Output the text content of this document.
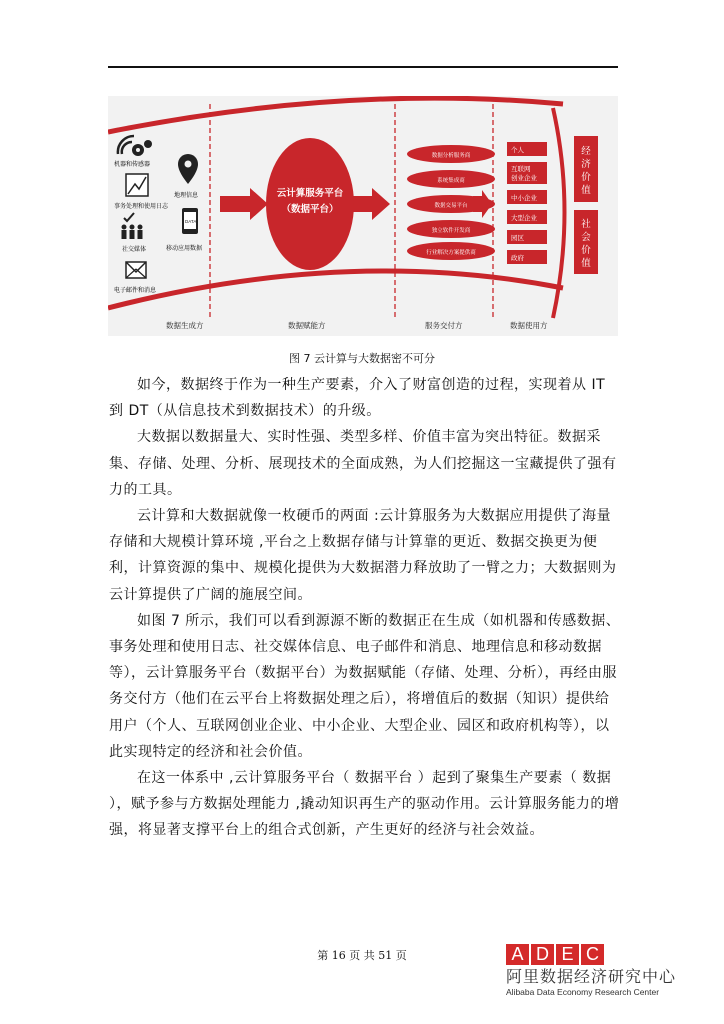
机器和传感器
事务处理和使用日志
社交媒体
电子邮件和消息
地理信息
DATA
移动应用数据
云计算服务平台
（数据平台）
数据分析服务商
系统集成商
数据交易平台
独立软件开发商
行业解决方案提供商
个人
互联网
创业企业
中小企业
大型企业
园区
政府
经
济
价
值
社
会
价
值
数据生成方	数据赋能方	服务交付方	数据使用方
图 7 云计算与大数据密不可分

如今，数据终于作为一种生产要素，介入了财富创造的过程，实现着从 IT 到 DT（从信息技术到数据技术）的升级。

大数据以数据量大、实时性强、类型多样、价值丰富为突出特征。数据采集、存储、处理、分析、展现技术的全面成熟，为人们挖掘这一宝藏提供了强有力的工具。

云计算和大数据就像一枚硬币的两面 :云计算服务为大数据应用提供了海量存储和大规模计算环境 ,平台之上数据存储与计算靠的更近、数据交换更为便利，计算资源的集中、规模化提供为大数据潜力释放助了一臂之力；大数据则为云计算提供了广阔的施展空间。

如图 7 所示，我们可以看到源源不断的数据正在生成（如机器和传感数据、事务处理和使用日志、社交媒体信息、电子邮件和消息、地理信息和移动数据等），云计算服务平台（数据平台）为数据赋能（存储、处理、分析），再经由服务交付方（他们在云平台上将数据处理之后），将增值后的数据（知识）提供给用户（个人、互联网创业企业、中小企业、大型企业、园区和政府机构等），以此实现特定的经济和社会价值。

在这一体系中 ,云计算服务平台（ 数据平台 ）起到了聚集生产要素（ 数据 ），赋予参与方数据处理能力 ,撬动知识再生产的驱动作用。云计算服务能力的增强，将显著支撑平台上的组合式创新，产生更好的经济与社会效益。

第 16 页 共 51 页	A D E C
阿里数据经济研究中心
Alibaba Data Economy Research Center
